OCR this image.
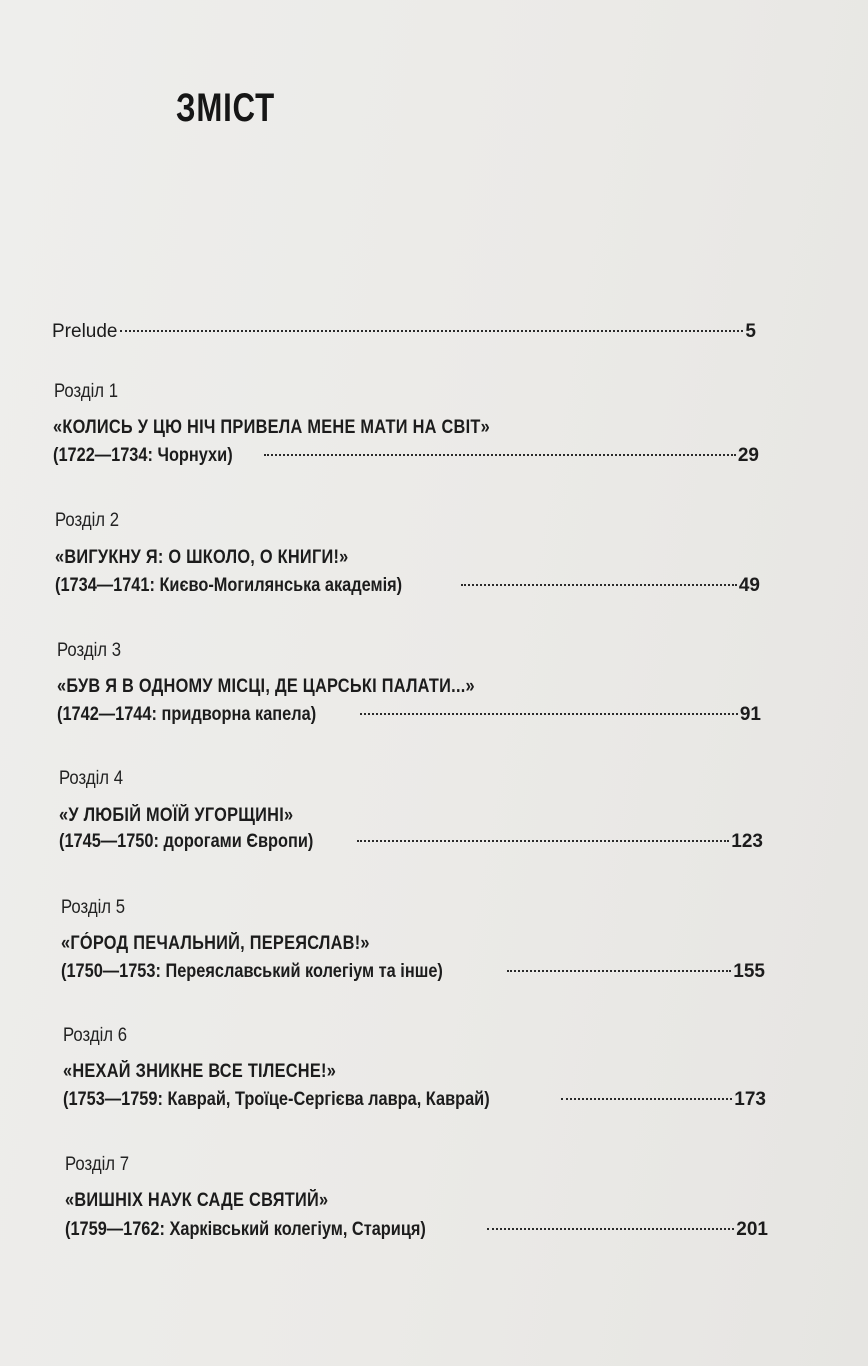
ЗМІСТ
Prelude	5
Розділ 1
«КОЛИСЬ У ЦЮ НІЧ ПРИВЕЛА МЕНЕ МАТИ НА СВІТ»
(1722—1734: Чорнухи)	29
Розділ 2
«ВИГУКНУ Я: О ШКОЛО, О КНИГИ!»
(1734—1741: Києво-Могилянська академія)	49
Розділ 3
«БУВ Я В ОДНОМУ МІСЦІ, ДЕ ЦАРСЬКІ ПАЛАТИ...»
(1742—1744: придворна капела)	91
Розділ 4
«У ЛЮБІЙ МОЇЙ УГОРЩИНІ»
(1745—1750: дорогами Європи)	123
Розділ 5
«ГÓРОД ПЕЧАЛЬНИЙ, ПЕРЕЯСЛАВ!»
(1750—1753: Переяславський колегіум та інше)	155
Розділ 6
«НЕХАЙ ЗНИКНЕ ВСЕ ТІЛЕСНЕ!»
(1753—1759: Каврай, Троїце-Сергієва лавра, Каврай)	173
Розділ 7
«ВИШНІХ НАУК САДЕ СВЯТИЙ»
(1759—1762: Харківський колегіум, Стариця)	201
